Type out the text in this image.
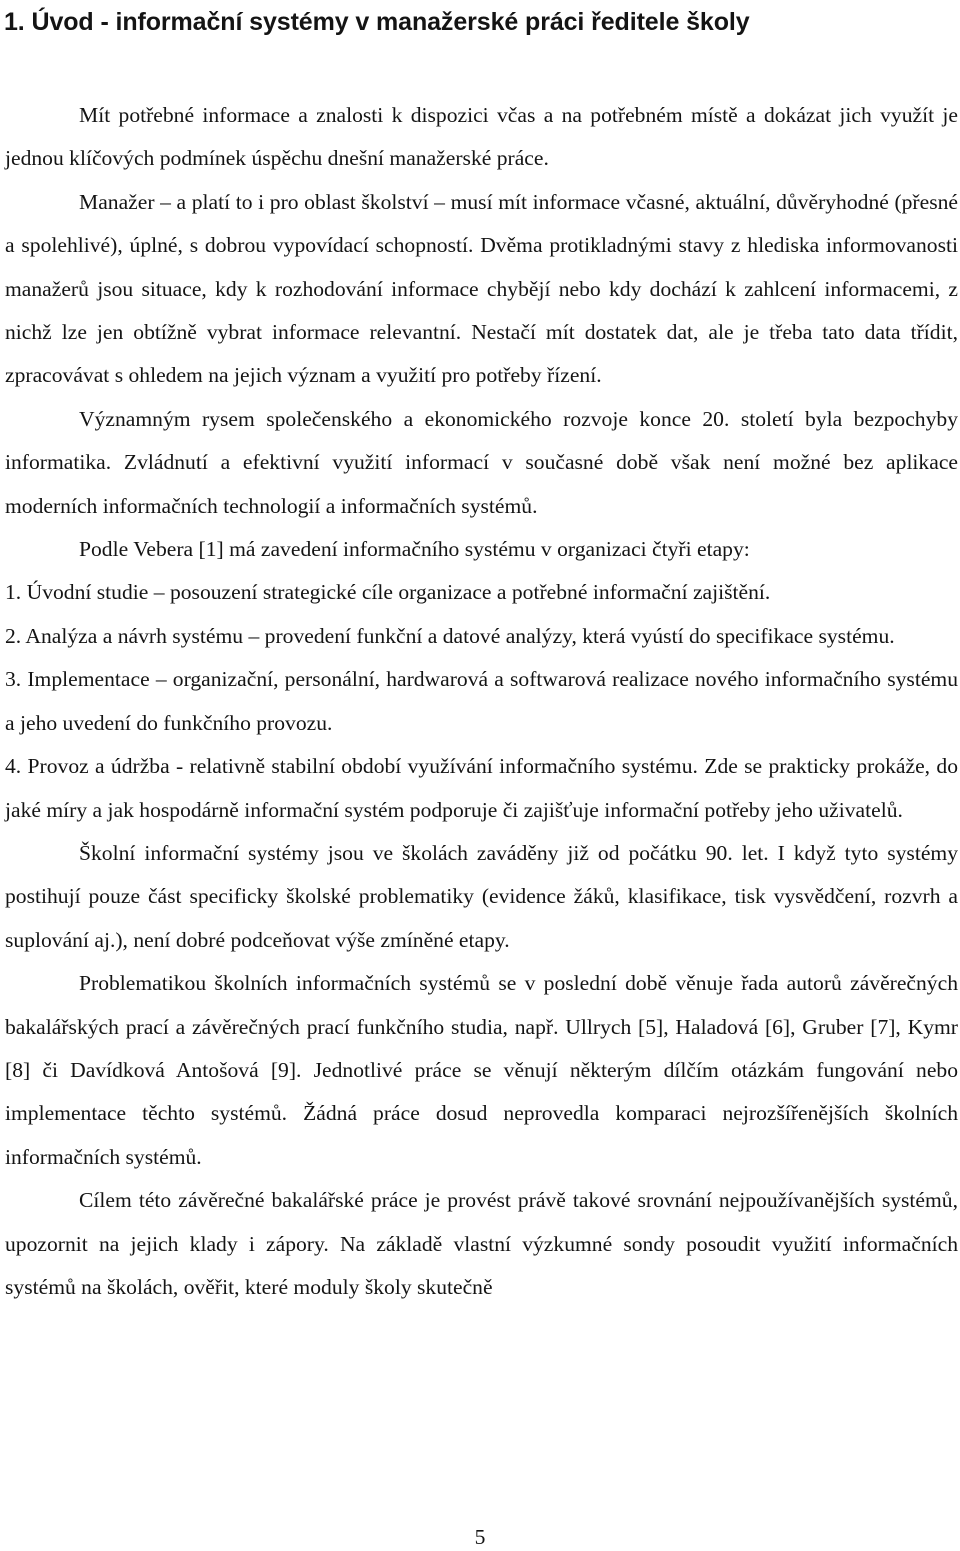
1. Úvod - informační systémy v manažerské práci ředitele školy

Mít potřebné informace a znalosti k dispozici včas a na potřebném místě a dokázat jich využít je jednou klíčových podmínek úspěchu dnešní manažerské práce.

Manažer – a platí to i pro oblast školství – musí mít informace včasné, aktuální, důvěryhodné (přesné a spolehlivé), úplné, s dobrou vypovídací schopností. Dvěma protikladnými stavy z hlediska informovanosti manažerů jsou situace, kdy k rozhodování informace chybějí nebo kdy dochází k zahlcení informacemi, z nichž lze jen obtížně vybrat informace relevantní. Nestačí mít dostatek dat, ale je třeba tato data třídit, zpracovávat s ohledem na jejich význam a využití pro potřeby řízení.

Významným rysem společenského a ekonomického rozvoje konce 20. století byla bezpochyby informatika. Zvládnutí a efektivní využití informací v současné době však není možné bez aplikace moderních informačních technologií a informačních systémů.

Podle Vebera [1] má zavedení informačního systému v organizaci čtyři etapy:

1. Úvodní studie – posouzení strategické cíle organizace a potřebné informační zajištění.

2. Analýza a návrh systému – provedení funkční a datové analýzy, která vyústí do specifikace systému.

3. Implementace – organizační, personální, hardwarová a softwarová realizace nového informačního systému a jeho uvedení do funkčního provozu.

4. Provoz a údržba - relativně stabilní období využívání informačního systému. Zde se prakticky prokáže, do jaké míry a jak hospodárně informační systém podporuje či zajišťuje informační potřeby jeho uživatelů.

Školní informační systémy jsou ve školách zaváděny již od počátku 90. let. I když tyto systémy postihují pouze část specificky školské problematiky (evidence žáků, klasifikace, tisk vysvědčení, rozvrh a suplování aj.), není dobré podceňovat výše zmíněné etapy.

Problematikou školních informačních systémů se v poslední době věnuje řada autorů závěrečných bakalářských prací a závěrečných prací funkčního studia, např. Ullrych [5], Haladová [6], Gruber [7], Kymr [8] či Davídková Antošová [9]. Jednotlivé práce se věnují některým dílčím otázkám fungování nebo implementace těchto systémů. Žádná práce dosud neprovedla komparaci nejrozšířenějších školních informačních systémů.

Cílem této závěrečné bakalářské práce je provést právě takové srovnání nejpoužívanějších systémů, upozornit na jejich klady i zápory. Na základě vlastní výzkumné sondy posoudit využití informačních systémů na školách, ověřit, které moduly školy skutečně

5
